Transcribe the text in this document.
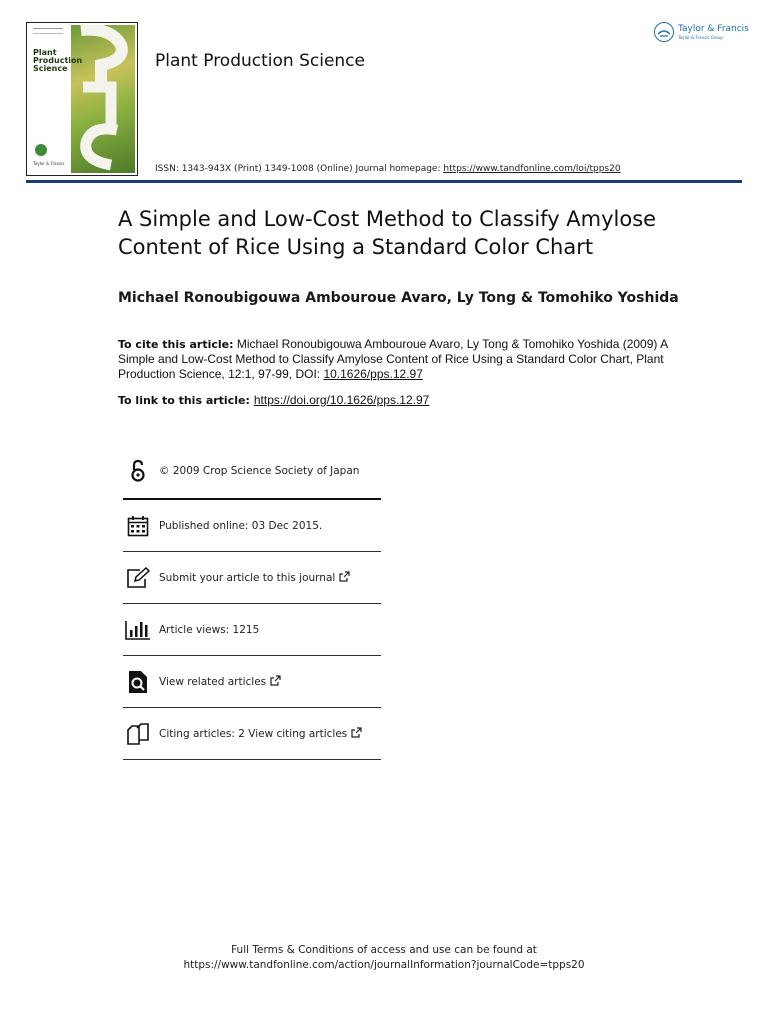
Plant
Production
Science
Taylor & Francis
Plant Production Science
ISSN: 1343-943X (Print) 1349-1008 (Online) Journal homepage: https://www.tandfonline.com/loi/tpps20
Taylor & Francis
Taylor & Francis Group
A Simple and Low-Cost Method to Classify Amylose Content of Rice Using a Standard Color Chart
Michael Ronoubigouwa Ambouroue Avaro, Ly Tong & Tomohiko Yoshida
To cite this article: Michael Ronoubigouwa Ambouroue Avaro, Ly Tong & Tomohiko Yoshida (2009) A Simple and Low-Cost Method to Classify Amylose Content of Rice Using a Standard Color Chart, Plant Production Science, 12:1, 97-99, DOI: 10.1626/pps.12.97
To link to this article: https://doi.org/10.1626/pps.12.97
© 2009 Crop Science Society of Japan
Published online: 03 Dec 2015.
Submit your article to this journal
Article views: 1215
View related articles
Citing articles: 2 View citing articles
Full Terms & Conditions of access and use can be found at
https://www.tandfonline.com/action/journalInformation?journalCode=tpps20
